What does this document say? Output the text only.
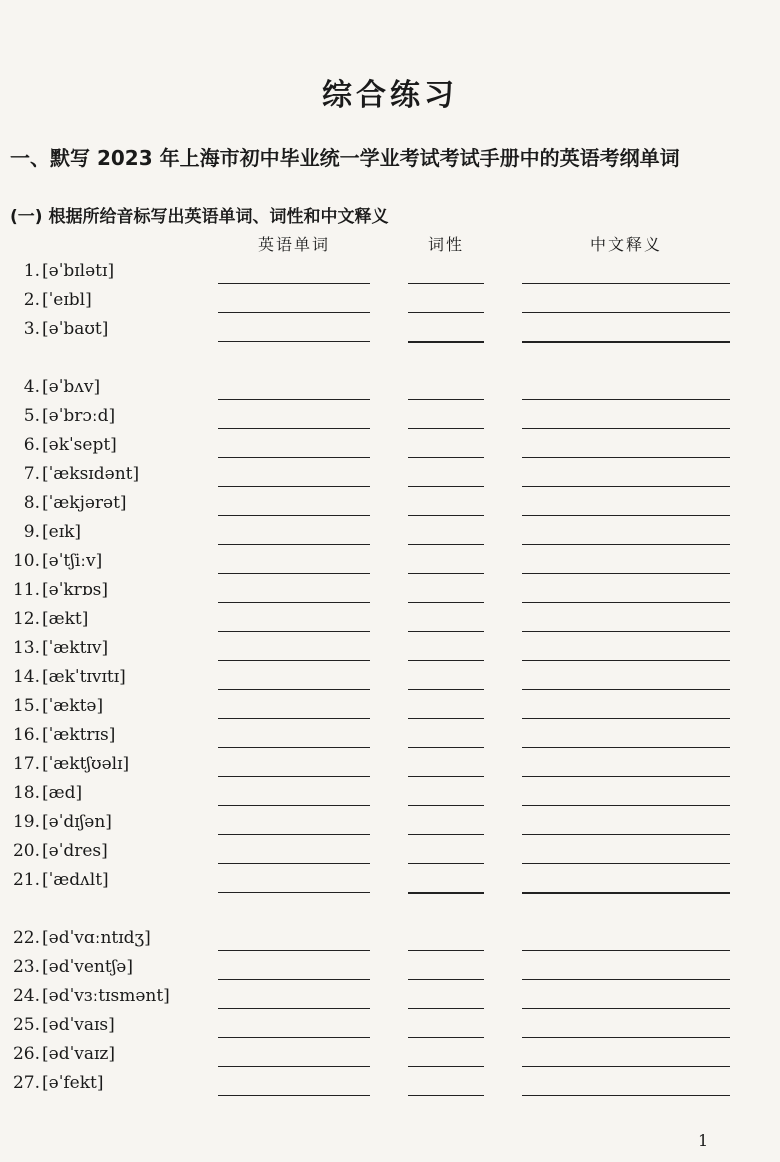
综合练习
一、默写 2023 年上海市初中毕业统一学业考试考试手册中的英语考纲单词
(一) 根据所给音标写出英语单词、词性和中文释义
英语单词	词性	中文释义
1. [əˈbɪlətɪ]
2. [ˈeɪbl]
3. [əˈbaʊt]
4. [əˈbʌv]
5. [əˈbrɔːd]
6. [əkˈsept]
7. [ˈæksɪdənt]
8. [ˈækjərət]
9. [eɪk]
10. [əˈtʃiːv]
11. [əˈkrɒs]
12. [ækt]
13. [ˈæktɪv]
14. [ækˈtɪvɪtɪ]
15. [ˈæktə]
16. [ˈæktrɪs]
17. [ˈæktʃʊəlɪ]
18. [æd]
19. [əˈdɪʃən]
20. [əˈdres]
21. [ˈædʌlt]
22. [ədˈvɑːntɪdʒ]
23. [ədˈventʃə]
24. [ədˈvɜːtɪsmənt]
25. [ədˈvaɪs]
26. [ədˈvaɪz]
27. [əˈfekt]
1
